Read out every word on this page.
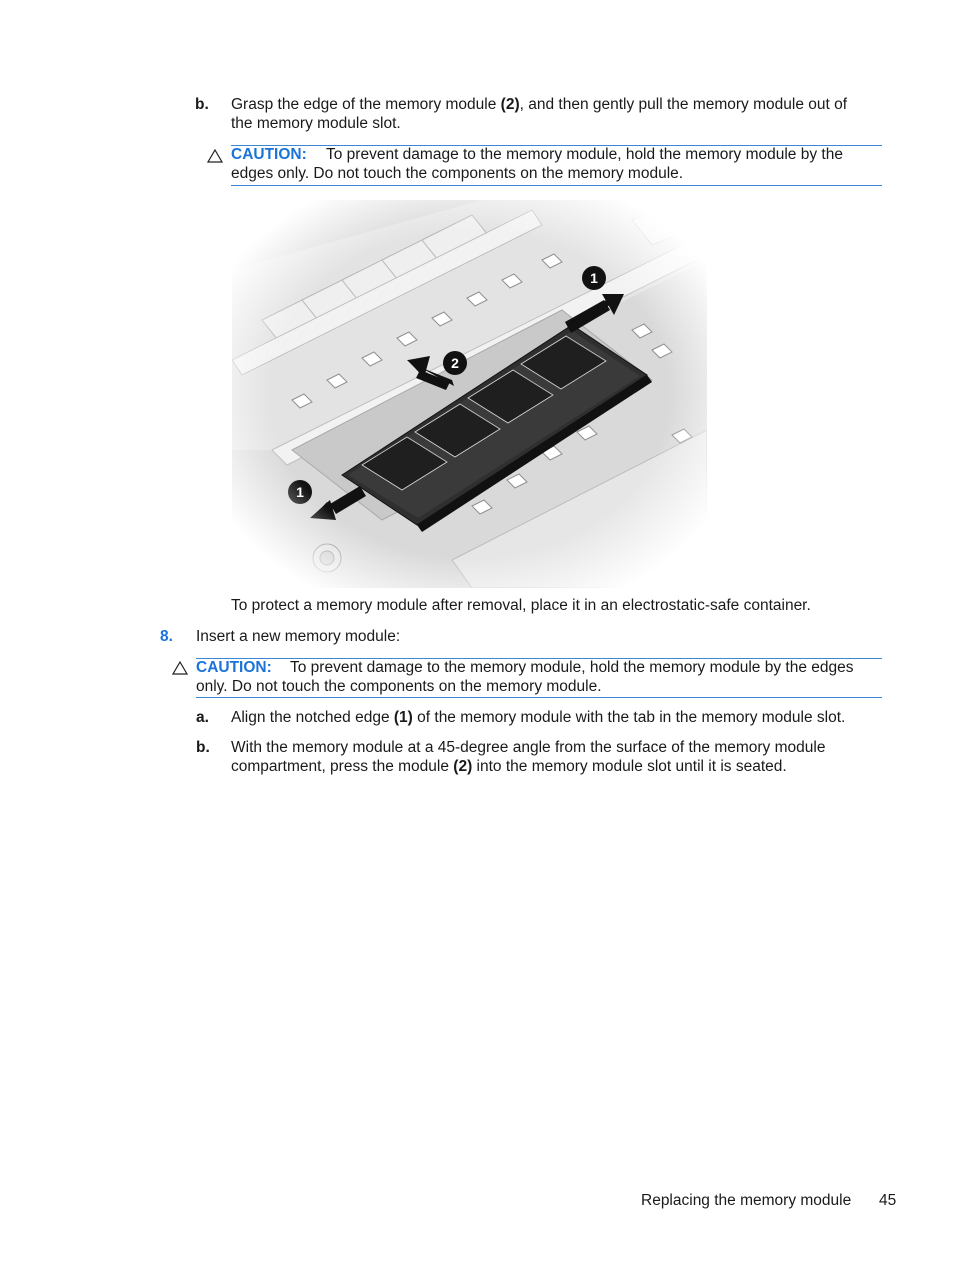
b. Grasp the edge of the memory module (2), and then gently pull the memory module out of
the memory module slot.
CAUTION: To prevent damage to the memory module, hold the memory module by the
edges only. Do not touch the components on the memory module.
To protect a memory module after removal, place it in an electrostatic-safe container.
8. Insert a new memory module:
CAUTION: To prevent damage to the memory module, hold the memory module by the edges
only. Do not touch the components on the memory module.
a. Align the notched edge (1) of the memory module with the tab in the memory module slot.
b. With the memory module at a 45-degree angle from the surface of the memory module
compartment, press the module (2) into the memory module slot until it is seated.
Replacing the memory module 45
